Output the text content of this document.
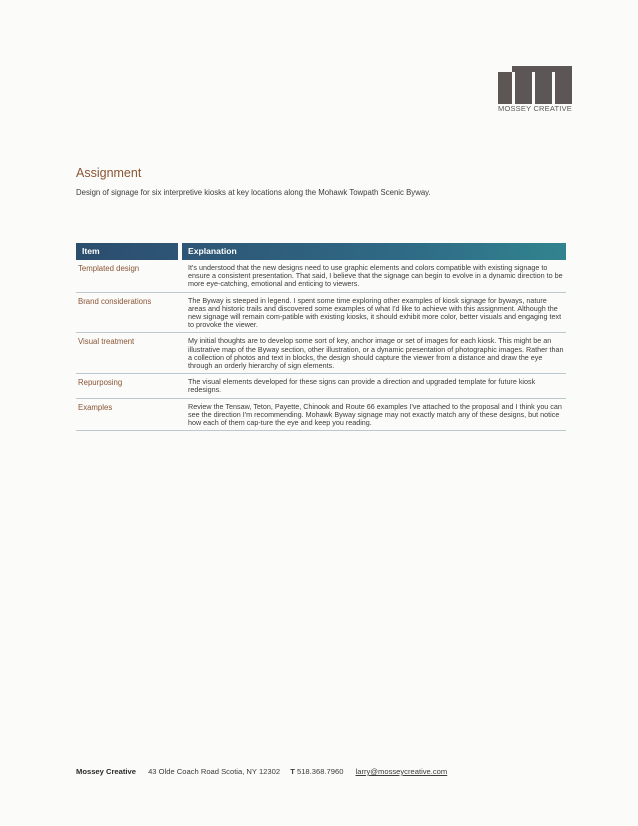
MOSSEY CREATIVE
Assignment
Design of signage for six interpretive kiosks at key locations along the Mohawk Towpath Scenic Byway.
Item	Explanation
Templated design	It's understood that the new designs need to use graphic elements and colors compatible with existing signage to ensure a consistent presentation. That said, I believe that the signage can begin to evolve in a dynamic direction to be more eye-catching, emotional and enticing to viewers.
Brand considerations	The Byway is steeped in legend. I spent some time exploring other examples of kiosk signage for byways, nature areas and historic trails and discovered some examples of what I'd like to achieve with this assignment. Although the new signage will remain com-patible with existing kiosks, it should exhibit more color, better visuals and engaging text to provoke the viewer.
Visual treatment	My initial thoughts are to develop some sort of key, anchor image or set of images for each kiosk. This might be an illustrative map of the Byway section, other illustration, or a dynamic presentation of photographic images. Rather than a collection of photos and text in blocks, the design should capture the viewer from a distance and draw the eye through an orderly hierarchy of sign elements.
Repurposing	The visual elements developed for these signs can provide a direction and upgraded template for future kiosk redesigns.
Examples	Review the Tensaw, Teton, Payette, Chinook and Route 66 examples I've attached to the proposal and I think you can see the direction I'm recommending. Mohawk Byway signage may not exactly match any of these designs, but notice how each of them cap-ture the eye and keep you reading.
Mossey Creative 43 Olde Coach Road Scotia, NY 12302 T 518.368.7960 larry@mosseycreative.com
